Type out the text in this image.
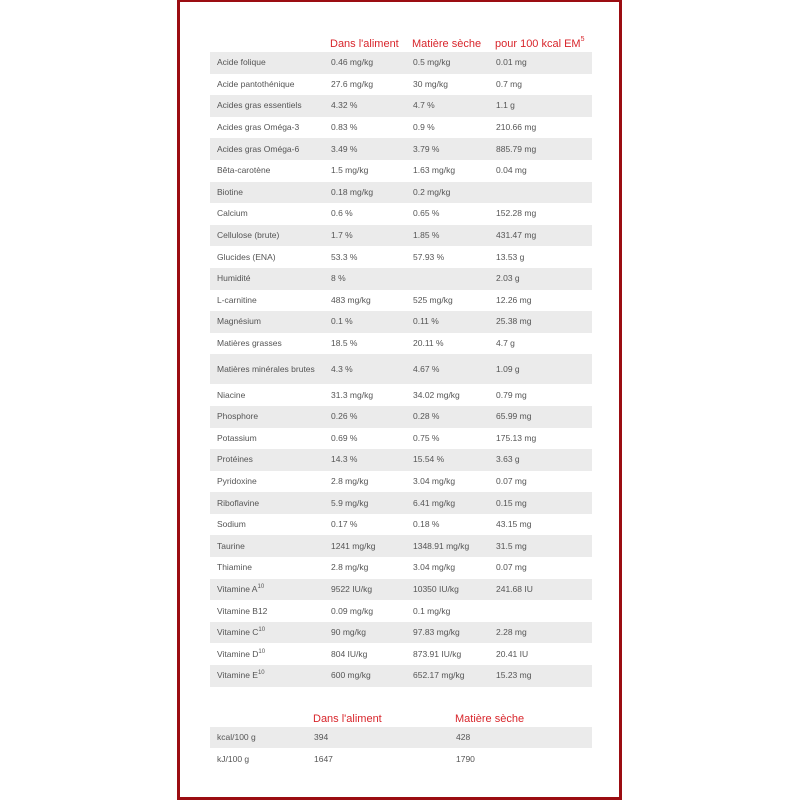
	Dans l'aliment	Matière sèche	pour 100 kcal $EM^5$
Acide folique	0.46 mg/kg	0.5 mg/kg	0.01 mg
Acide pantothénique	27.6 mg/kg	30 mg/kg	0.7 mg
Acides gras essentiels	4.32 %	4.7 %	1.1 g
Acides gras Oméga-3	0.83 %	0.9 %	210.66 mg
Acides gras Oméga-6	3.49 %	3.79 %	885.79 mg
Bêta-carotène	1.5 mg/kg	1.63 mg/kg	0.04 mg
Biotine	0.18 mg/kg	0.2 mg/kg	
Calcium	0.6 %	0.65 %	152.28 mg
Cellulose (brute)	1.7 %	1.85 %	431.47 mg
Glucides (ENA)	53.3 %	57.93 %	13.53 g
Humidité	8 %		2.03 g
L-carnitine	483 mg/kg	525 mg/kg	12.26 mg
Magnésium	0.1 %	0.11 %	25.38 mg
Matières grasses	18.5 %	20.11 %	4.7 g
Matières minérales brutes	4.3 %	4.67 %	1.09 g
Niacine	31.3 mg/kg	34.02 mg/kg	0.79 mg
Phosphore	0.26 %	0.28 %	65.99 mg
Potassium	0.69 %	0.75 %	175.13 mg
Protéines	14.3 %	15.54 %	3.63 g
Pyridoxine	2.8 mg/kg	3.04 mg/kg	0.07 mg
Riboflavine	5.9 mg/kg	6.41 mg/kg	0.15 mg
Sodium	0.17 %	0.18 %	43.15 mg
Taurine	1241 mg/kg	1348.91 mg/kg	31.5 mg
Thiamine	2.8 mg/kg	3.04 mg/kg	0.07 mg
Vitamine $A^{10}$	9522 IU/kg	10350 IU/kg	241.68 IU
Vitamine B12	0.09 mg/kg	0.1 mg/kg	
Vitamine $C^{10}$	90 mg/kg	97.83 mg/kg	2.28 mg
Vitamine $D^{10}$	804 IU/kg	873.91 IU/kg	20.41 IU
Vitamine $E^{10}$	600 mg/kg	652.17 mg/kg	15.23 mg
	Dans l'aliment	Matière sèche
kcal/100 g	394	428
kJ/100 g	1647	1790
